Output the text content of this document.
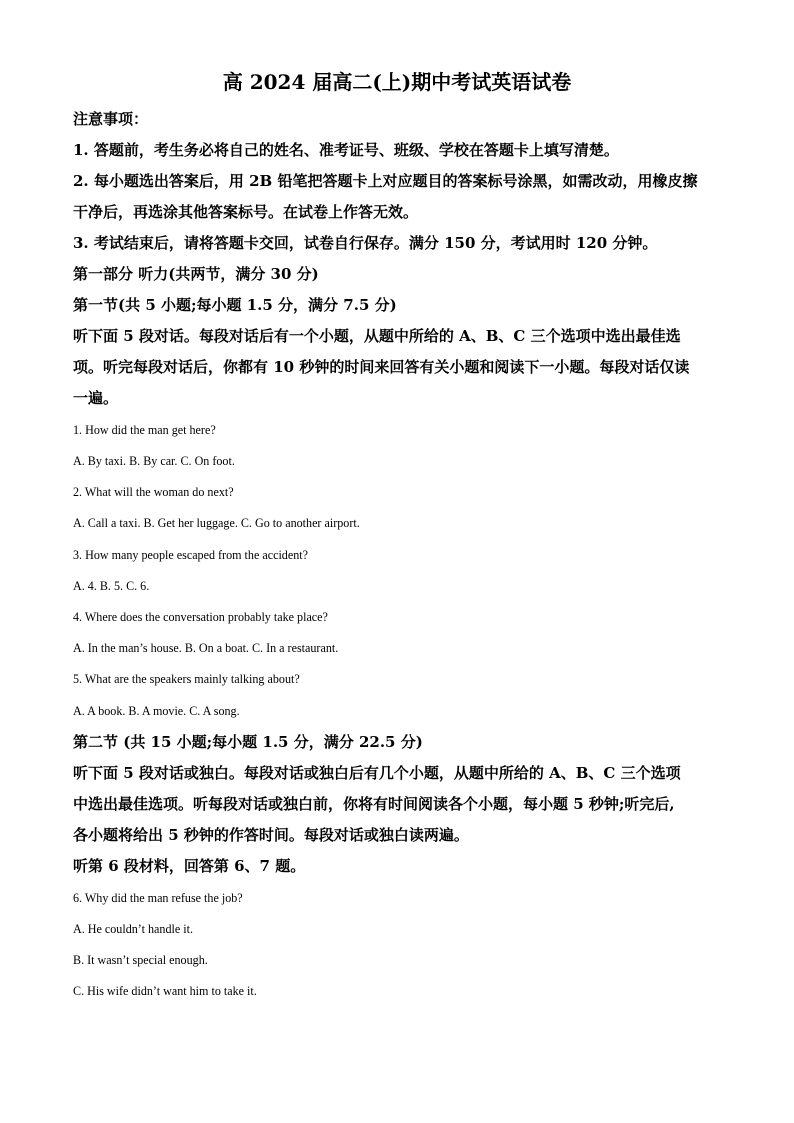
高 2024 届高二(上)期中考试英语试卷
注意事项：
1. 答题前，考生务必将自己的姓名、准考证号、班级、学校在答题卡上填写清楚。
2. 每小题选出答案后，用 2B 铅笔把答题卡上对应题目的答案标号涂黑，如需改动，用橡皮擦
干净后，再选涂其他答案标号。在试卷上作答无效。
3. 考试结束后，请将答题卡交回，试卷自行保存。满分 150 分，考试用时 120 分钟。
第一部分 听力(共两节，满分 30 分)
第一节(共 5 小题;每小题 1.5 分，满分 7.5 分)
听下面 5 段对话。每段对话后有一个小题，从题中所给的 A、B、C 三个选项中选出最佳选
项。听完每段对话后，你都有 10 秒钟的时间来回答有关小题和阅读下一小题。每段对话仅读
一遍。
1. How did the man get here?
A. By taxi. B. By car. C. On foot.
2. What will the woman do next?
A. Call a taxi. B. Get her luggage. C. Go to another airport.
3. How many people escaped from the accident?
A. 4. B. 5. C. 6.
4. Where does the conversation probably take place?
A. In the man’s house. B. On a boat. C. In a restaurant.
5. What are the speakers mainly talking about?
A. A book. B. A movie. C. A song.
第二节 (共 15 小题;每小题 1.5 分，满分 22.5 分)
听下面 5 段对话或独白。每段对话或独白后有几个小题，从题中所给的 A、B、C 三个选项
中选出最佳选项。听每段对话或独白前，你将有时间阅读各个小题，每小题 5 秒钟;听完后,
各小题将给出 5 秒钟的作答时间。每段对话或独白读两遍。
听第 6 段材料，回答第 6、7 题。
6. Why did the man refuse the job?
A. He couldn’t handle it.
B. It wasn’t special enough.
C. His wife didn’t want him to take it.
